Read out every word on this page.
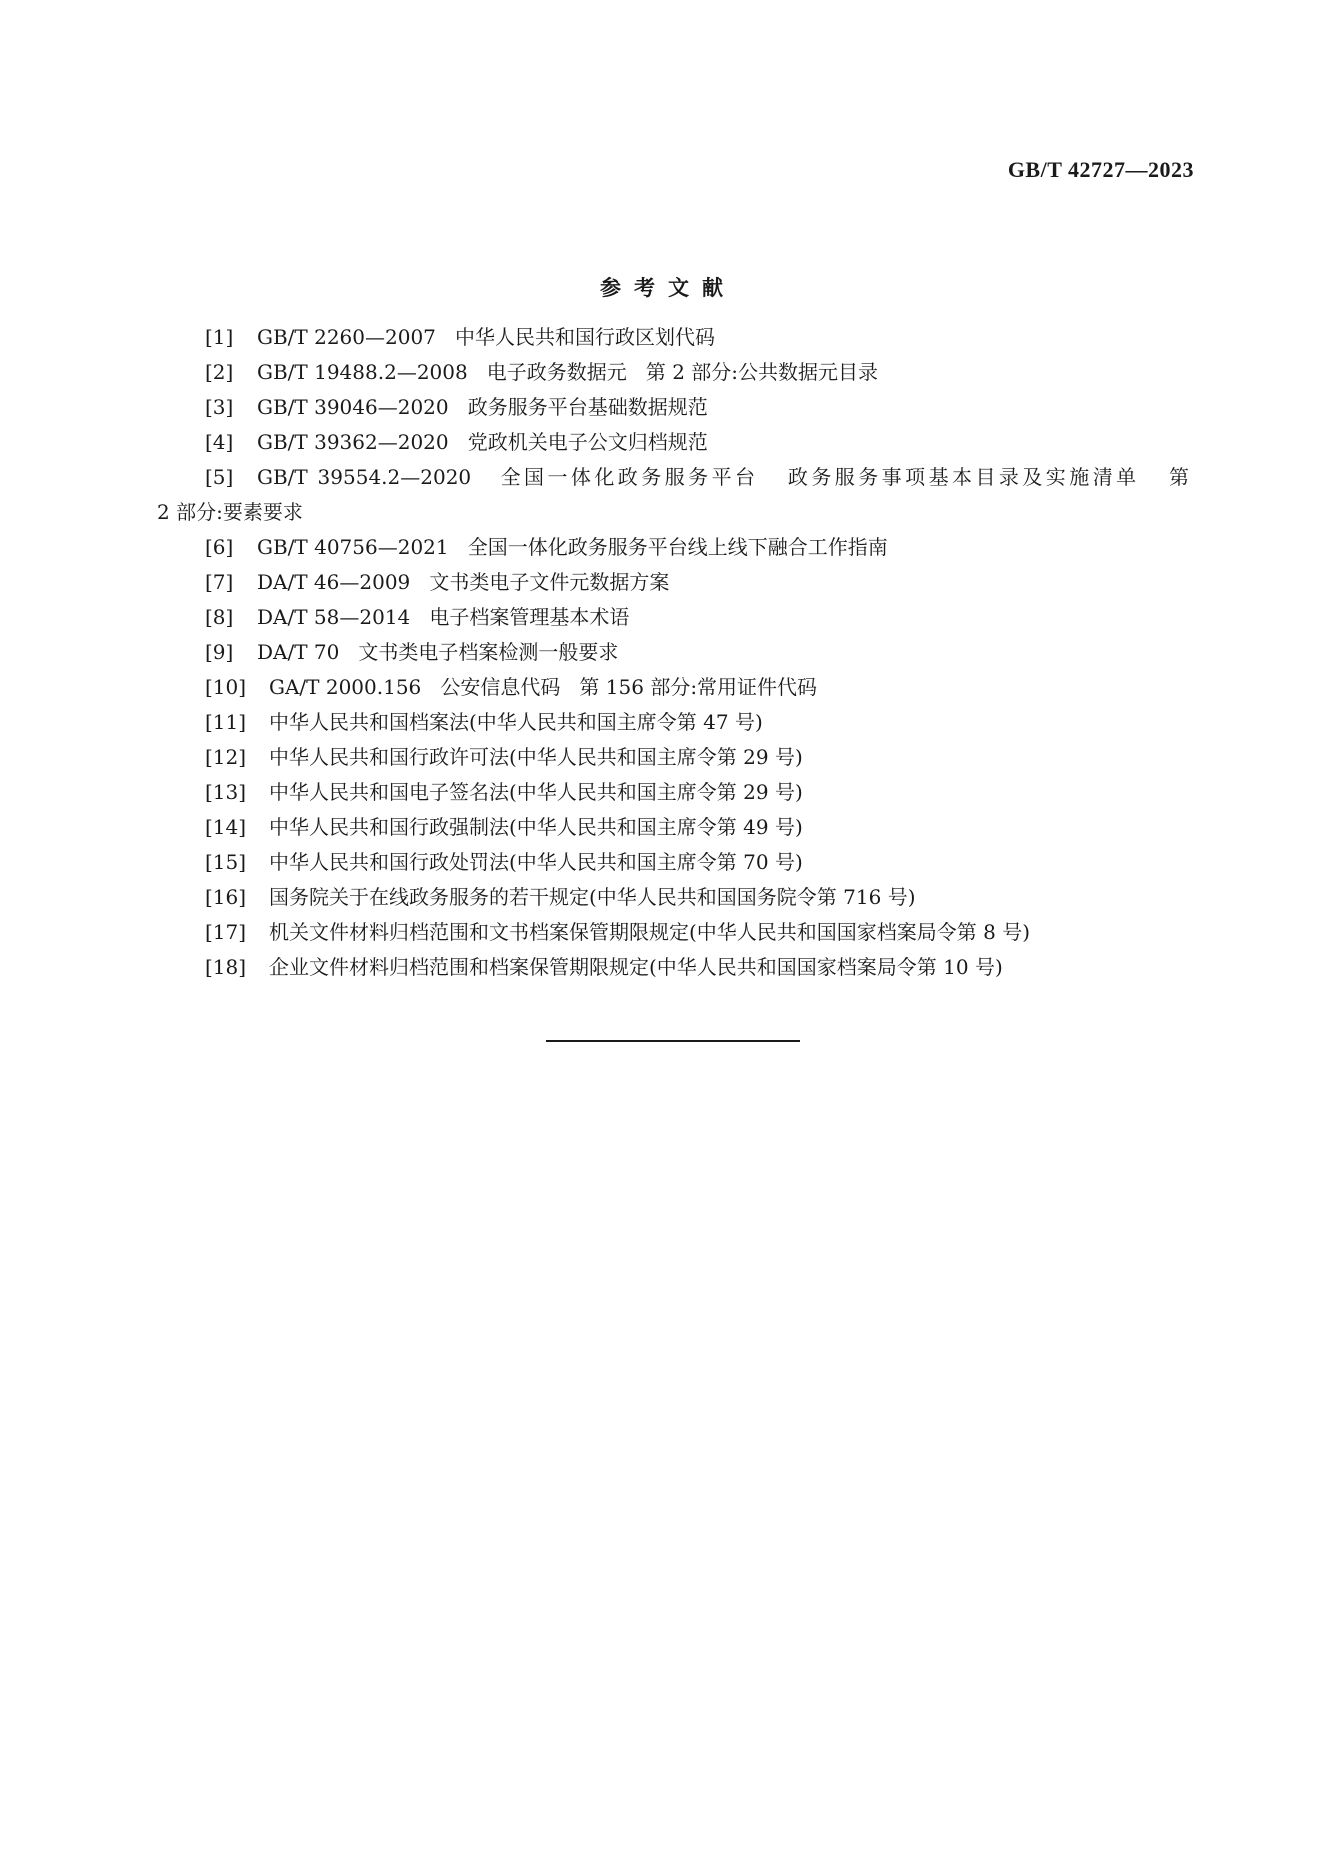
GB/T 42727—2023
参考文献
[1] GB/T 2260—2007   中华人民共和国行政区划代码
[2] GB/T 19488.2—2008   电子政务数据元   第 2 部分:公共数据元目录
[3] GB/T 39046—2020   政务服务平台基础数据规范
[4] GB/T 39362—2020   党政机关电子公文归档规范
[5] GB/T 39554.2—2020   全国一体化政务服务平台   政务服务事项基本目录及实施清单   第
2 部分:要素要求
[6] GB/T 40756—2021   全国一体化政务服务平台线上线下融合工作指南
[7] DA/T 46—2009   文书类电子文件元数据方案
[8] DA/T 58—2014   电子档案管理基本术语
[9] DA/T 70   文书类电子档案检测一般要求
[10] GA/T 2000.156   公安信息代码   第 156 部分:常用证件代码
[11] 中华人民共和国档案法(中华人民共和国主席令第 47 号)
[12] 中华人民共和国行政许可法(中华人民共和国主席令第 29 号)
[13] 中华人民共和国电子签名法(中华人民共和国主席令第 29 号)
[14] 中华人民共和国行政强制法(中华人民共和国主席令第 49 号)
[15] 中华人民共和国行政处罚法(中华人民共和国主席令第 70 号)
[16] 国务院关于在线政务服务的若干规定(中华人民共和国国务院令第 716 号)
[17] 机关文件材料归档范围和文书档案保管期限规定(中华人民共和国国家档案局令第 8 号)
[18] 企业文件材料归档范围和档案保管期限规定(中华人民共和国国家档案局令第 10 号)
